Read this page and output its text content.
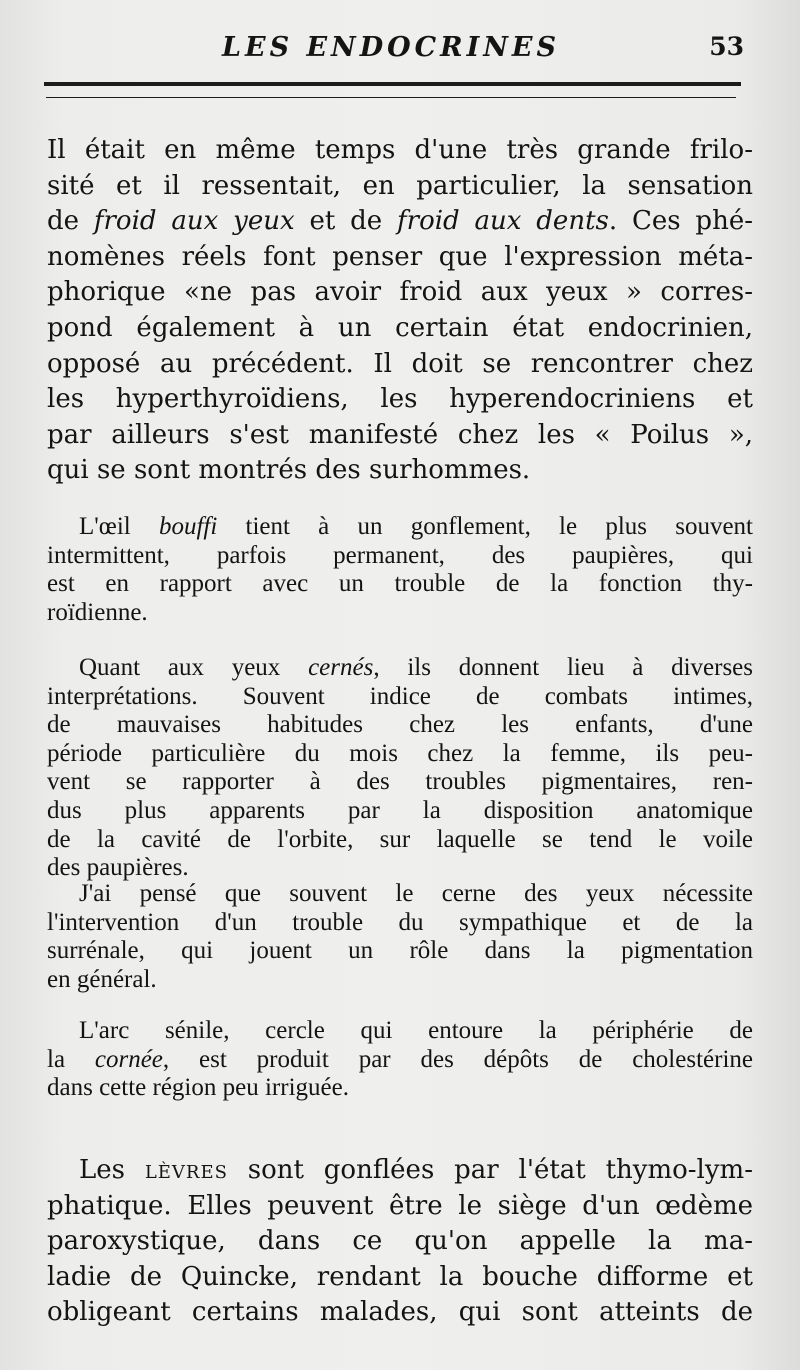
LES ENDOCRINES	53
Il était en même temps d'une très grande frilo-
sité et il ressentait, en particulier, la sensation
de froid aux yeux et de froid aux dents. Ces phé-
nomènes réels font penser que l'expression méta-
phorique «ne pas avoir froid aux yeux » corres-
pond également à un certain état endocrinien,
opposé au précédent. Il doit se rencontrer chez
les hyperthyroïdiens, les hyperendocriniens et
par ailleurs s'est manifesté chez les « Poilus »,
qui se sont montrés des surhommes.
L'œil bouffi tient à un gonflement, le plus souvent
intermittent, parfois permanent, des paupières, qui
est en rapport avec un trouble de la fonction thy-
roïdienne.
Quant aux yeux cernés, ils donnent lieu à diverses
interprétations. Souvent indice de combats intimes,
de mauvaises habitudes chez les enfants, d'une
période particulière du mois chez la femme, ils peu-
vent se rapporter à des troubles pigmentaires, ren-
dus plus apparents par la disposition anatomique
de la cavité de l'orbite, sur laquelle se tend le voile
des paupières.
J'ai pensé que souvent le cerne des yeux nécessite
l'intervention d'un trouble du sympathique et de la
surrénale, qui jouent un rôle dans la pigmentation
en général.
L'arc sénile, cercle qui entoure la périphérie de
la cornée, est produit par des dépôts de cholestérine
dans cette région peu irriguée.
Les lèvres sont gonflées par l'état thymo-lym-
phatique. Elles peuvent être le siège d'un œdème
paroxystique, dans ce qu'on appelle la ma-
ladie de Quincke, rendant la bouche difforme et
obligeant certains malades, qui sont atteints de
